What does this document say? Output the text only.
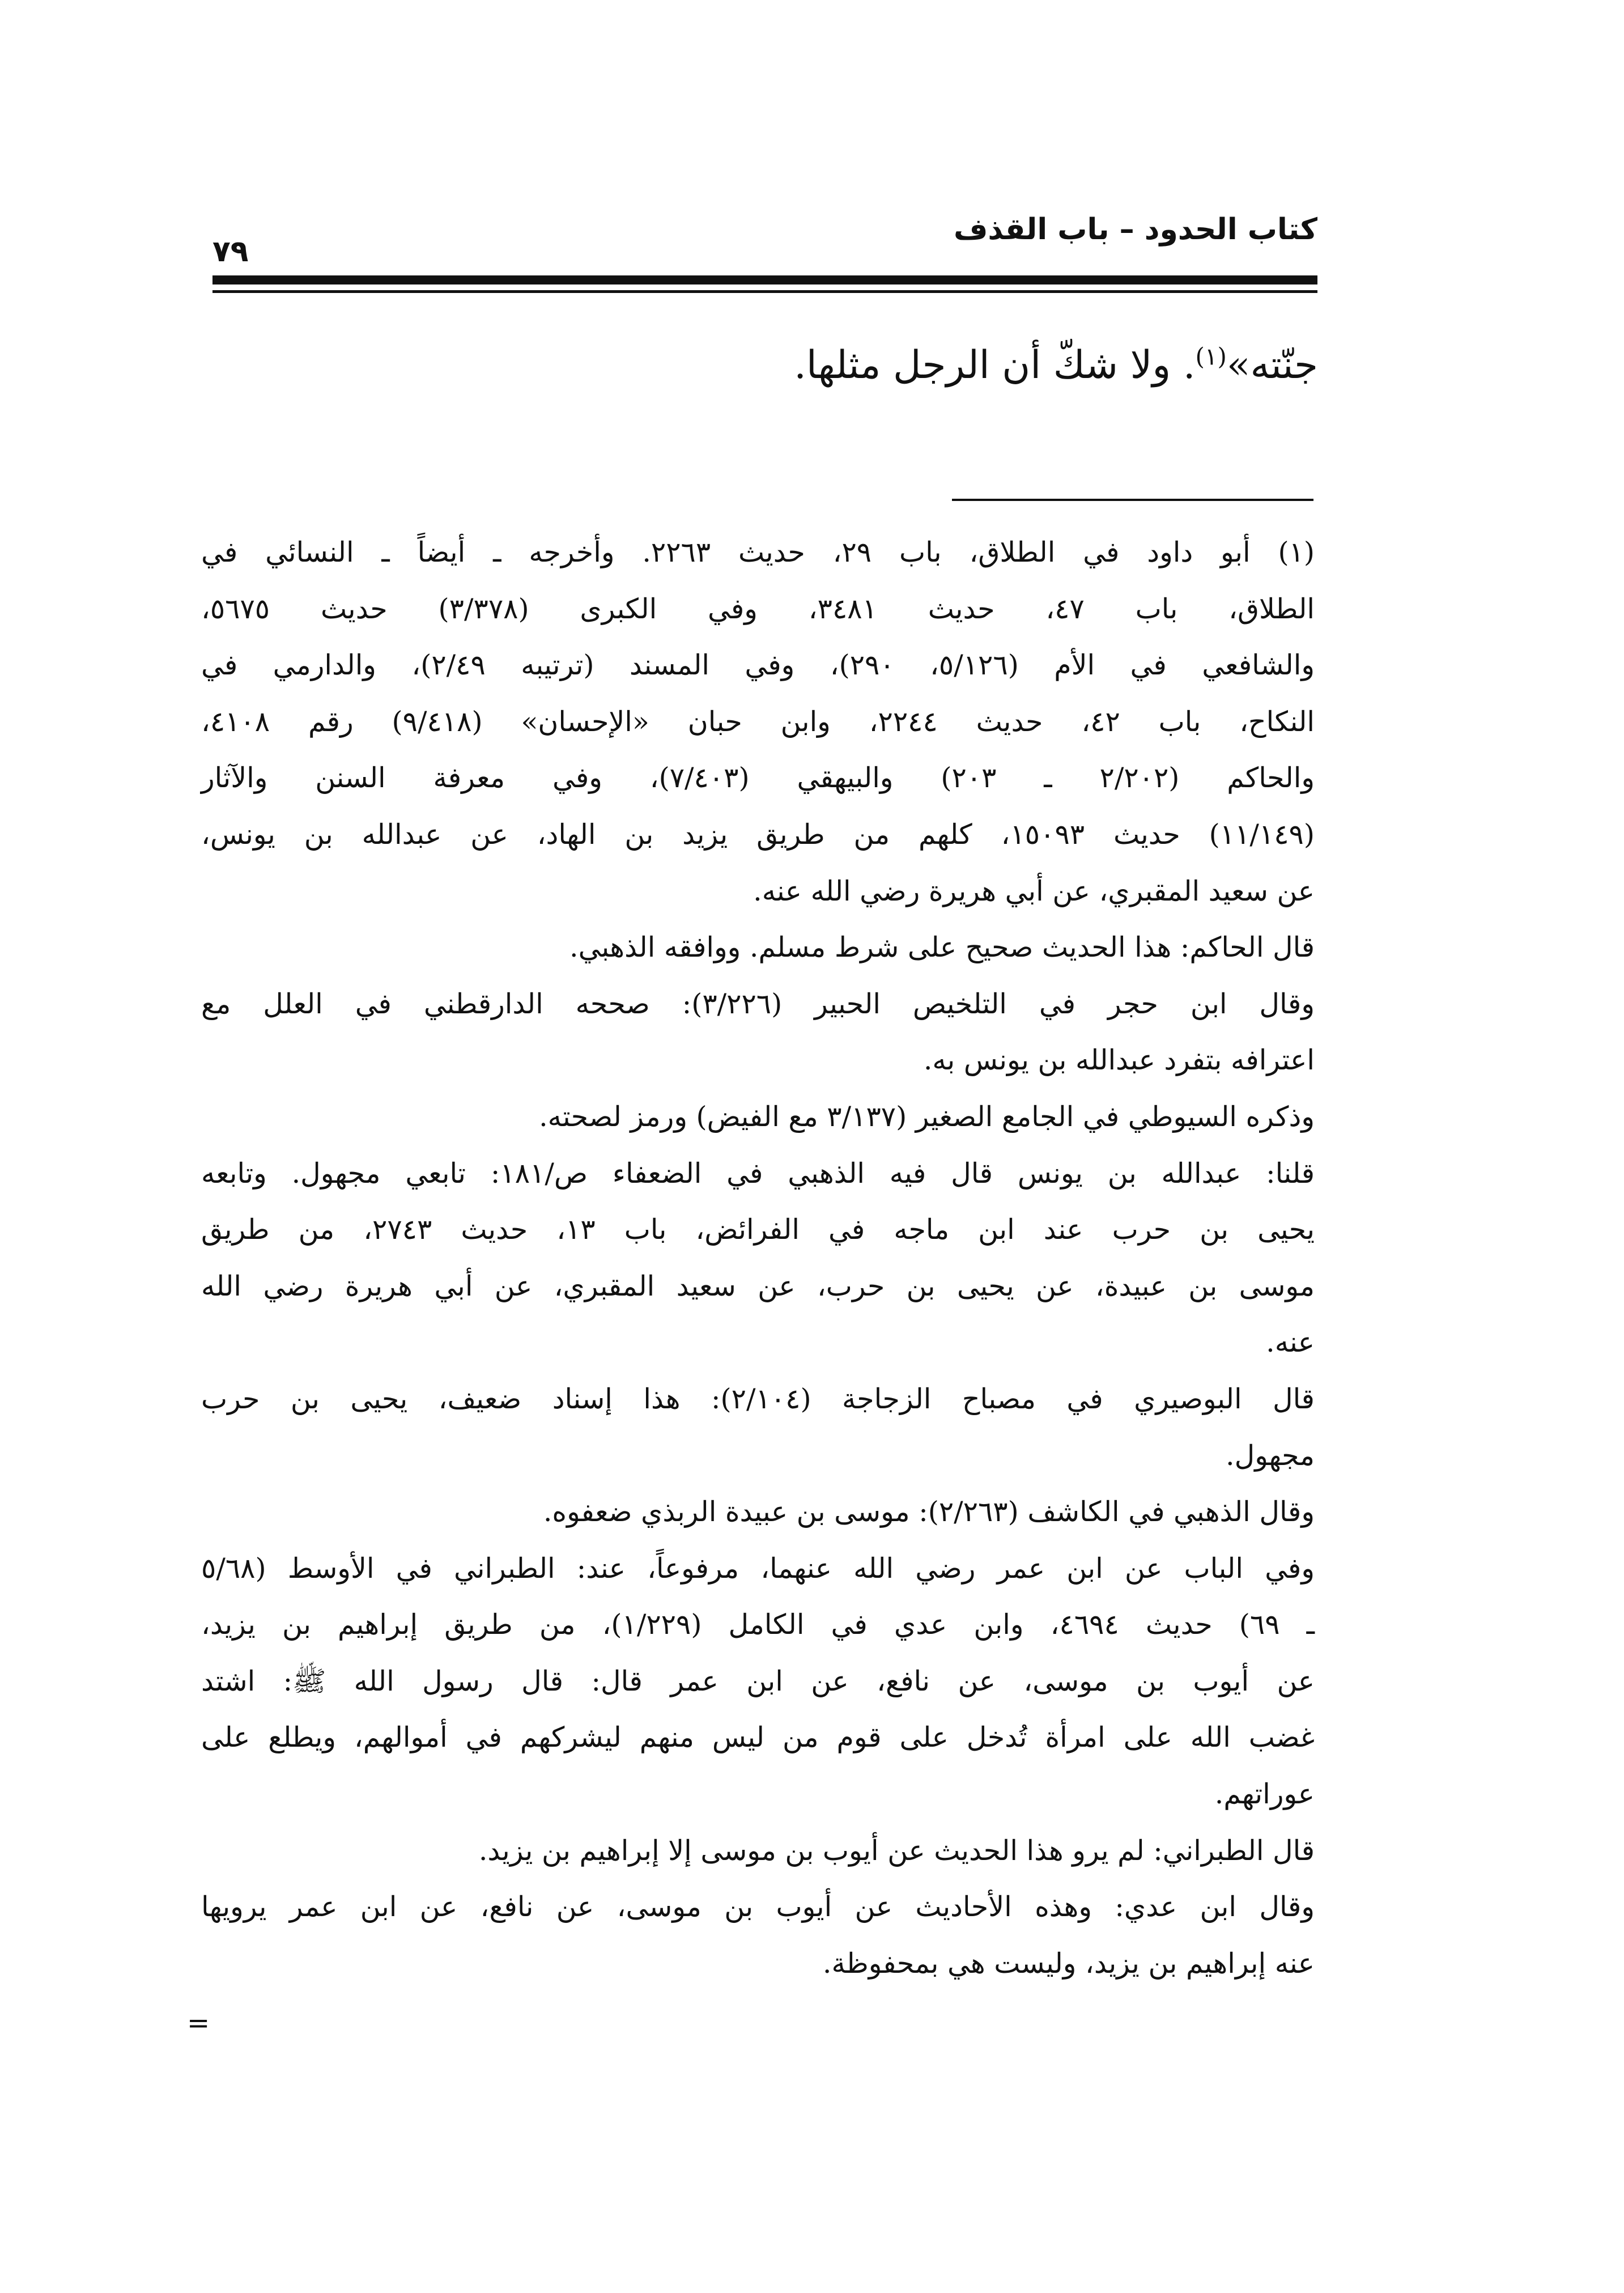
كتاب الحدود – باب القذف
٧٩
جنّته»$^{(١)}$. ولا شكّ أن الرجل مثلها.
(١) أبو داود في الطلاق، باب ٢٩، حديث ٢٢٦٣. وأخرجه ـ أيضاً ـ النسائي في
الطلاق، باب ٤٧، حديث ٣٤٨١، وفي الكبرى (٣/٣٧٨) حديث ٥٦٧٥،
والشافعي في الأم (٥/١٢٦، ٢٩٠)، وفي المسند (ترتيبه ٢/٤٩)، والدارمي في
النكاح، باب ٤٢، حديث ٢٢٤٤، وابن حبان «الإحسان» (٩/٤١٨) رقم ٤١٠٨،
والحاكم (٢/٢٠٢ ـ ٢٠٣) والبيهقي (٧/٤٠٣)، وفي معرفة السنن والآثار
(١١/١٤٩) حديث ١٥٠٩٣، كلهم من طريق يزيد بن الهاد، عن عبدالله بن يونس،
عن سعيد المقبري، عن أبي هريرة رضي الله عنه.
قال الحاكم: هذا الحديث صحيح على شرط مسلم. ووافقه الذهبي.
وقال ابن حجر في التلخيص الحبير (٣/٢٢٦): صححه الدارقطني في العلل مع
اعترافه بتفرد عبدالله بن يونس به.
وذكره السيوطي في الجامع الصغير (٣/١٣٧ مع الفيض) ورمز لصحته.
قلنا: عبدالله بن يونس قال فيه الذهبي في الضعفاء ص/١٨١: تابعي مجهول. وتابعه
يحيى بن حرب عند ابن ماجه في الفرائض، باب ١٣، حديث ٢٧٤٣، من طريق
موسى بن عبيدة، عن يحيى بن حرب، عن سعيد المقبري، عن أبي هريرة رضي الله
عنه.
قال البوصيري في مصباح الزجاجة (٢/١٠٤): هذا إسناد ضعيف، يحيى بن حرب
مجهول.
وقال الذهبي في الكاشف (٢/٢٦٣): موسى بن عبيدة الربذي ضعفوه.
وفي الباب عن ابن عمر رضي الله عنهما، مرفوعاً، عند: الطبراني في الأوسط (٥/٦٨
ـ ٦٩) حديث ٤٦٩٤، وابن عدي في الكامل (١/٢٢٩)، من طريق إبراهيم بن يزيد،
عن أيوب بن موسى، عن نافع، عن ابن عمر قال: قال رسول الله ﷺ: اشتد
غضب الله على امرأة تُدخل على قوم من ليس منهم ليشركهم في أموالهم، ويطلع على
عوراتهم.
قال الطبراني: لم يرو هذا الحديث عن أيوب بن موسى إلا إبراهيم بن يزيد.
وقال ابن عدي: وهذه الأحاديث عن أيوب بن موسى، عن نافع، عن ابن عمر يرويها
عنه إبراهيم بن يزيد، وليست هي بمحفوظة.
=
